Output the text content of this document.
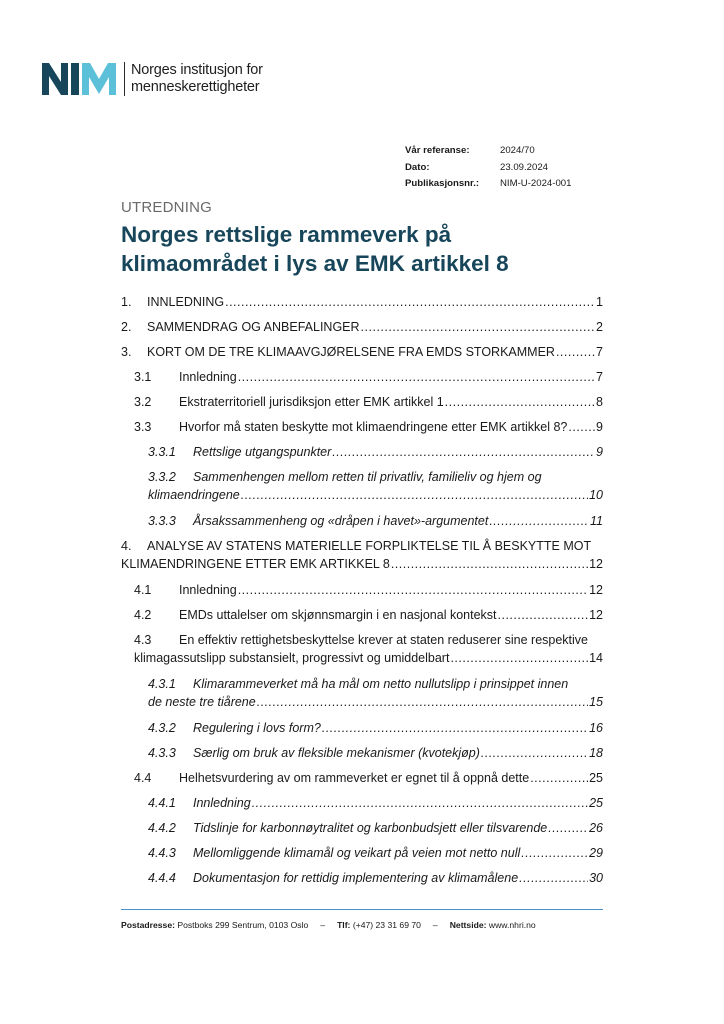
Norges institusjon for
menneskerettigheter
Vår referanse:	2024/70
Dato:	23.09.2024
Publikasjonsnr.:	NIM-U-2024-001
UTREDNING
Norges rettslige rammeverk på klimaområdet i lys av EMK artikkel 8
1.	INNLEDNING .....	1
2.	SAMMENDRAG OG ANBEFALINGER .....	2
3.	KORT OM DE TRE KLIMAAVGJØRELSENE FRA EMDS STORKAMMER .....	7
3.1	Innledning .....	7
3.2	Ekstraterritoriell jurisdiksjon etter EMK artikkel 1 .....	8
3.3	Hvorfor må staten beskytte mot klimaendringene etter EMK artikkel 8? ..... 9
3.3.1	Rettslige utgangspunkter .....	9
3.3.2	Sammenhengen mellom retten til privatliv, familieliv og hjem og
klimaendringene .....	10
3.3.3	Årsakssammenheng og «dråpen i havet»-argumentet .....	11
4.	ANALYSE AV STATENS MATERIELLE FORPLIKTELSE TIL Å BESKYTTE MOT
KLIMAENDRINGENE ETTER EMK ARTIKKEL 8 .....	12
4.1	Innledning .....	12
4.2	EMDs uttalelser om skjønnsmargin i en nasjonal kontekst .....	12
4.3	En effektiv rettighetsbeskyttelse krever at staten reduserer sine respektive
klimagassutslipp substansielt, progressivt og umiddelbart .....	14
4.3.1	Klimarammeverket må ha mål om netto nullutslipp i prinsippet innen
de neste tre tiårene .....	15
4.3.2	Regulering i lovs form? .....	16
4.3.3	Særlig om bruk av fleksible mekanismer (kvotekjøp) .....	18
4.4	Helhetsvurdering av om rammeverket er egnet til å oppnå dette .....	25
4.4.1	Innledning .....	25
4.4.2	Tidslinje for karbonnøytralitet og karbonbudsjett eller tilsvarende .....	26
4.4.3	Mellomliggende klimamål og veikart på veien mot netto null .....	29
4.4.4	Dokumentasjon for rettidig implementering av klimamålene .....	30
Postadresse:
Postboks 299 Sentrum, 0103 Oslo – Tlf:
(+47) 23 31 69 70 – Nettside:
www.nhri.no
